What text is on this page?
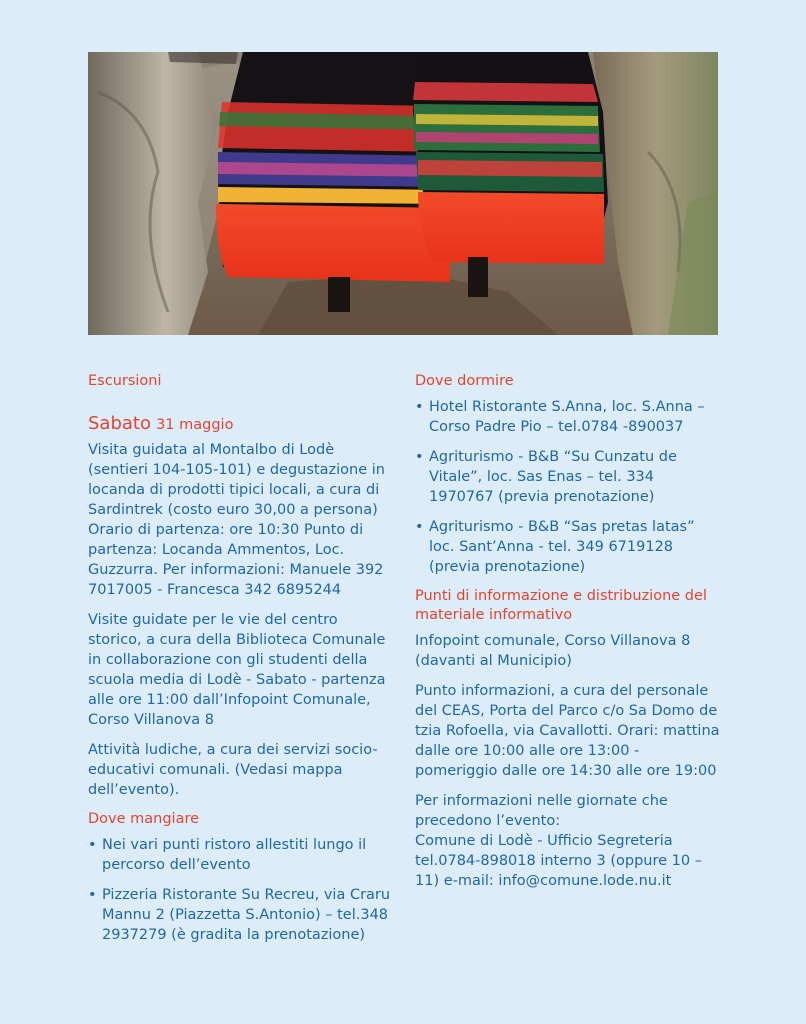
Escursioni
Sabato 31 maggio

Visita guidata al Montalbo di Lodè (sentieri 104-105-101) e degustazione in locanda di prodotti tipici locali, a cura di Sardintrek (costo euro 30,00 a persona) Orario di partenza: ore 10:30 Punto di partenza: Locanda Ammentos, Loc. Guzzurra. Per informazioni: Manuele 392 7017005 - Francesca 342 6895244

Visite guidate per le vie del centro storico, a cura della Biblioteca Comunale in collaborazione con gli studenti della scuola media di Lodè - Sabato - partenza alle ore 11:00 dall’Infopoint Comunale, Corso Villanova 8

Attività ludiche, a cura dei servizi socio-educativi comunali. (Vedasi mappa dell’evento).

Dove mangiare
• Nei vari punti ristoro allestiti lungo il percorso dell’evento
• Pizzeria Ristorante Su Recreu, via Craru Mannu 2 (Piazzetta S.Antonio) – tel.348 2937279 (è gradita la prenotazione)
Dove dormire
• Hotel Ristorante S.Anna, loc. S.Anna – Corso Padre Pio – tel.0784 -890037
• Agriturismo - B&B “Su Cunzatu de Vitale”, loc. Sas Enas – tel. 334 1970767 (previa prenotazione)
• Agriturismo - B&B “Sas pretas latas” loc. Sant’Anna - tel. 349 6719128 (previa prenotazione)
Punti di informazione e distribuzione del materiale informativo

Infopoint comunale, Corso Villanova 8 (davanti al Municipio)

Punto informazioni, a cura del personale del CEAS, Porta del Parco c/o Sa Domo de tzia Rofoella, via Cavallotti. Orari: mattina dalle ore 10:00 alle ore 13:00 - pomeriggio dalle ore 14:30 alle ore 19:00

Per informazioni nelle giornate che precedono l’evento:

Comune di Lodè - Ufficio Segreteria tel.0784-898018 interno 3 (oppure 10 – 11) e-mail: info@comune.lode.nu.it
